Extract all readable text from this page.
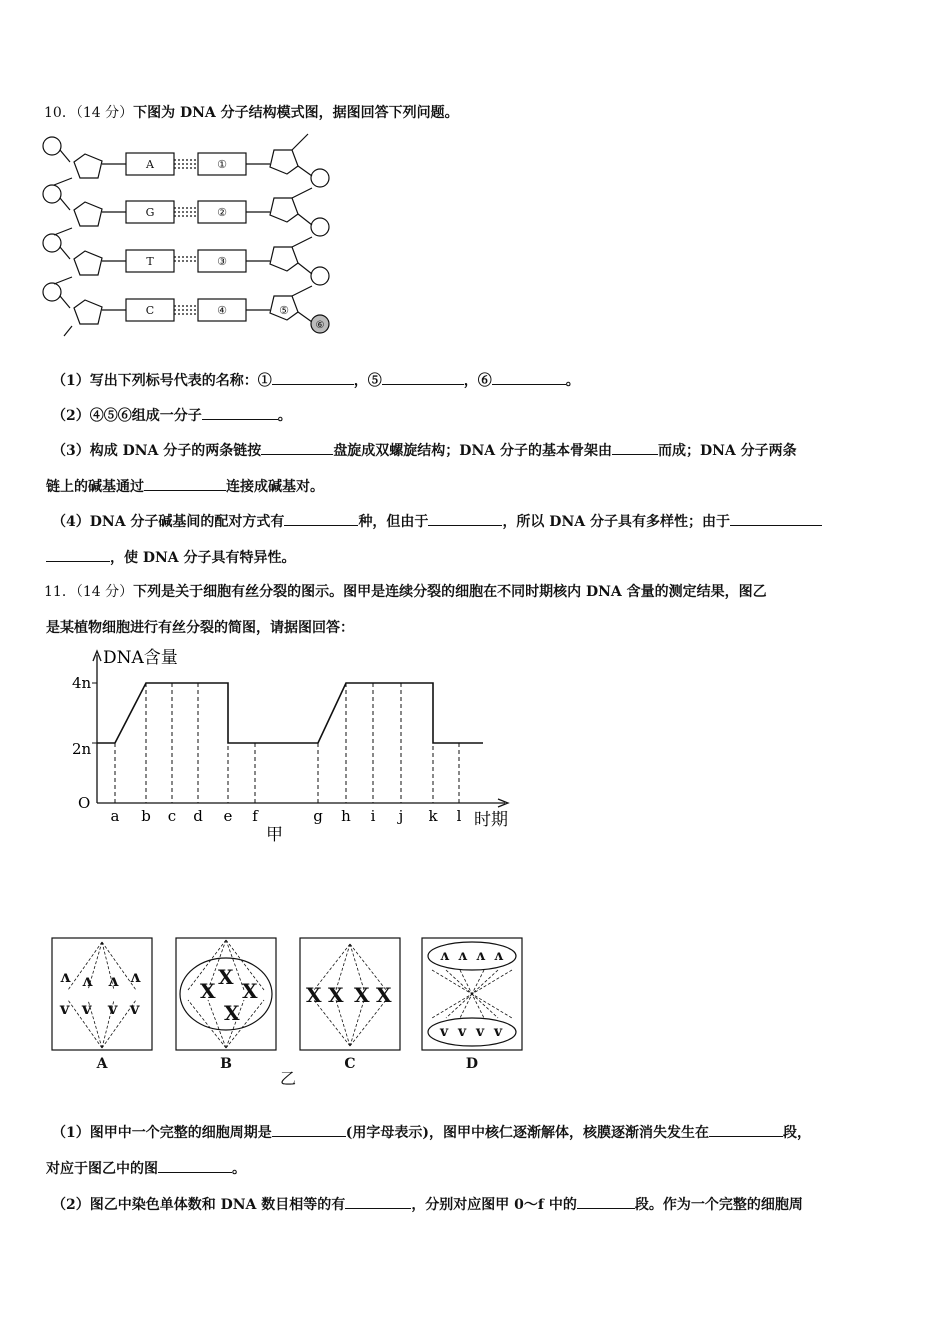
10．（14 分）下图为 DNA 分子结构模式图，据图回答下列问题。
A
G
T
C
①
②
③
④	⑤
⑥
（1）写出下列标号代表的名称：①	，⑤	，⑥	。
（2）④⑤⑥组成一分子	。
（3）构成 DNA 分子的两条链按	盘旋成双螺旋结构；DNA 分子的基本骨架由	而成；DNA 分子两条
链上的碱基通过	连接成碱基对。
（4）DNA 分子碱基间的配对方式有	种，但由于	，所以 DNA 分子具有多样性；由于
，使 DNA 分子具有特异性。
11．（14 分）下列是关于细胞有丝分裂的图示。图甲是连续分裂的细胞在不同时期核内 DNA 含量的测定结果，图乙
是某植物细胞进行有丝分裂的简图，请据图回答：
a b c d e f	g h i j k l
DNA含量
时期
O
4n
2n
甲
ʌ ʌ ʌ ʌ
v v v v
X
X
X
X
X X X X
ʌ ʌ ʌ ʌ
v v v v
A	B	C	D
乙
（1）图甲中一个完整的细胞周期是	(用字母表示)，图甲中核仁逐渐解体，核膜逐渐消失发生在	段，
对应于图乙中的图	。
（2）图乙中染色单体数和 DNA 数目相等的有	，分别对应图甲 0～f 中的	段。作为一个完整的细胞周
